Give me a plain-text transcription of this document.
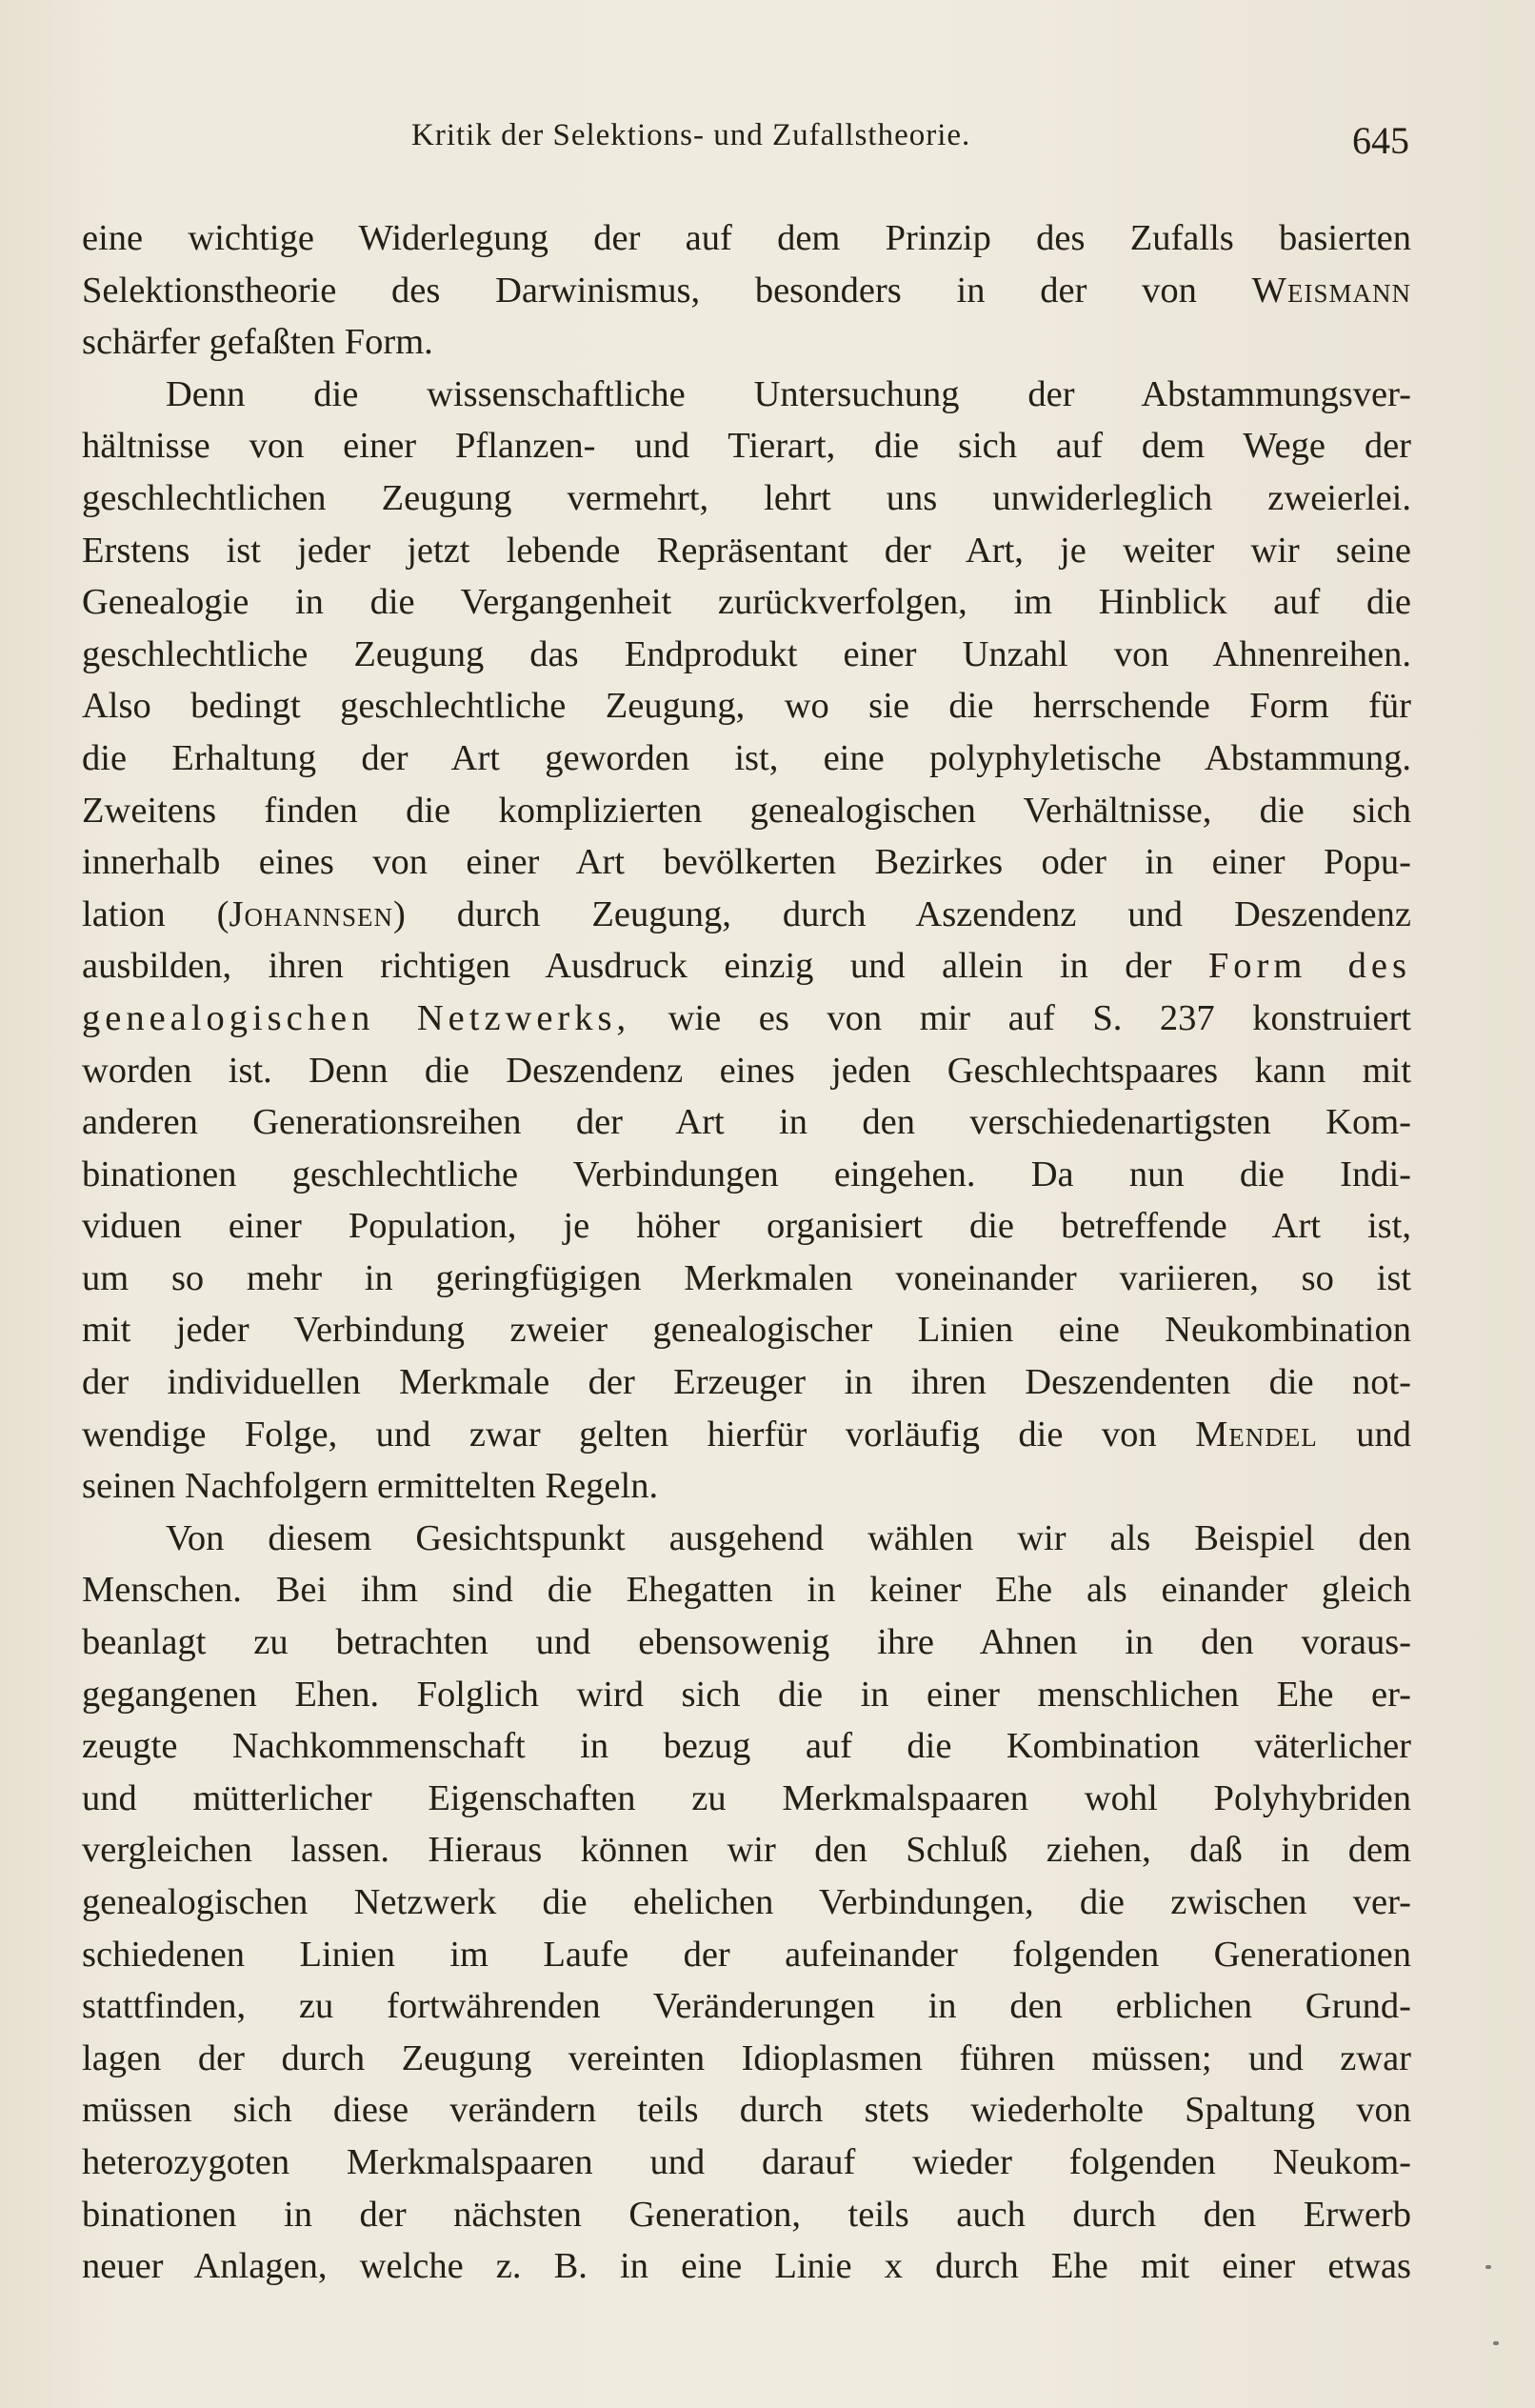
Kritik der Selektions- und Zufallstheorie.	645
eine wichtige Widerlegung der auf dem Prinzip des Zufalls basierten
Selektionstheorie des Darwinismus, besonders in der von Weismann
schärfer gefaßten Form.
Denn die wissenschaftliche Untersuchung der Abstammungsver-
hältnisse von einer Pflanzen- und Tierart, die sich auf dem Wege der
geschlechtlichen Zeugung vermehrt, lehrt uns unwiderleglich zweierlei.
Erstens ist jeder jetzt lebende Repräsentant der Art, je weiter wir seine
Genealogie in die Vergangenheit zurückverfolgen, im Hinblick auf die
geschlechtliche Zeugung das Endprodukt einer Unzahl von Ahnenreihen.
Also bedingt geschlechtliche Zeugung, wo sie die herrschende Form für
die Erhaltung der Art geworden ist, eine polyphyletische Abstammung.
Zweitens finden die komplizierten genealogischen Verhältnisse, die sich
innerhalb eines von einer Art bevölkerten Bezirkes oder in einer Popu-
lation (Johannsen) durch Zeugung, durch Aszendenz und Deszendenz
ausbilden, ihren richtigen Ausdruck einzig und allein in der Form des
genealogischen Netzwerks, wie es von mir auf S. 237 konstruiert
worden ist. Denn die Deszendenz eines jeden Geschlechtspaares kann mit
anderen Generationsreihen der Art in den verschiedenartigsten Kom-
binationen geschlechtliche Verbindungen eingehen. Da nun die Indi-
viduen einer Population, je höher organisiert die betreffende Art ist,
um so mehr in geringfügigen Merkmalen voneinander variieren, so ist
mit jeder Verbindung zweier genealogischer Linien eine Neukombination
der individuellen Merkmale der Erzeuger in ihren Deszendenten die not-
wendige Folge, und zwar gelten hierfür vorläufig die von Mendel und
seinen Nachfolgern ermittelten Regeln.
Von diesem Gesichtspunkt ausgehend wählen wir als Beispiel den
Menschen. Bei ihm sind die Ehegatten in keiner Ehe als einander gleich
beanlagt zu betrachten und ebensowenig ihre Ahnen in den voraus-
gegangenen Ehen. Folglich wird sich die in einer menschlichen Ehe er-
zeugte Nachkommenschaft in bezug auf die Kombination väterlicher
und mütterlicher Eigenschaften zu Merkmalspaaren wohl Polyhybriden
vergleichen lassen. Hieraus können wir den Schluß ziehen, daß in dem
genealogischen Netzwerk die ehelichen Verbindungen, die zwischen ver-
schiedenen Linien im Laufe der aufeinander folgenden Generationen
stattfinden, zu fortwährenden Veränderungen in den erblichen Grund-
lagen der durch Zeugung vereinten Idioplasmen führen müssen; und zwar
müssen sich diese verändern teils durch stets wiederholte Spaltung von
heterozygoten Merkmalspaaren und darauf wieder folgenden Neukom-
binationen in der nächsten Generation, teils auch durch den Erwerb
neuer Anlagen, welche z. B. in eine Linie x durch Ehe mit einer etwas
